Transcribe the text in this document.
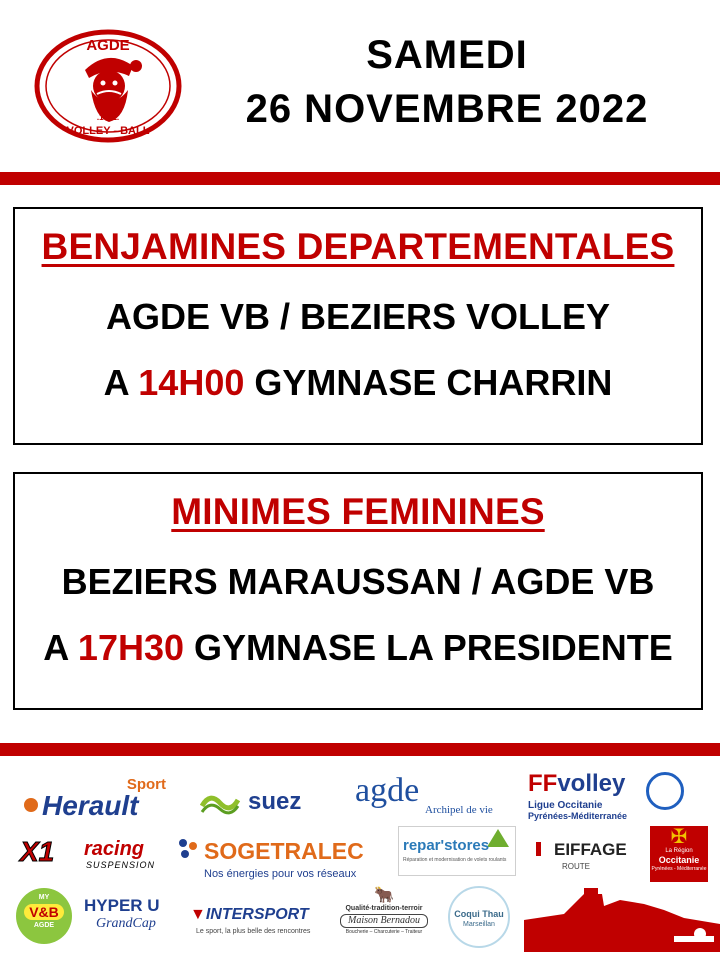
AGDE
.1962.
VOLLEY - BALL
SAMEDI
26 NOVEMBRE 2022
BENJAMINES DEPARTEMENTALES
AGDE VB / BEZIERS VOLLEY
A 14H00 GYMNASE CHARRIN
MINIMES FEMININES
BEZIERS MARAUSSAN / AGDE VB
A 17H30 GYMNASE LA PRESIDENTE
Sport
Herault	suez agde
Archipel de vie
FFvolley
Ligue Occitanie
Pyrénées-Méditerranée
X1 racing
SUSPENSION
SOGETRALEC
Nos énergies pour vos réseaux
repar'stores
Réparation et modernisation de volets roulants
EIFFAGE
ROUTE
✠
La Région
Occitanie
Pyrénées - Méditerranée
MY
V&B
AGDE
HYPER U
GrandCap
▼INTERSPORT
Le sport, la plus belle des rencontres
🐂
Qualité-tradition-terroir
Maison Bernadou
Boucherie – Charcuterie – Traiteur
Coqui Thau
Marseillan
